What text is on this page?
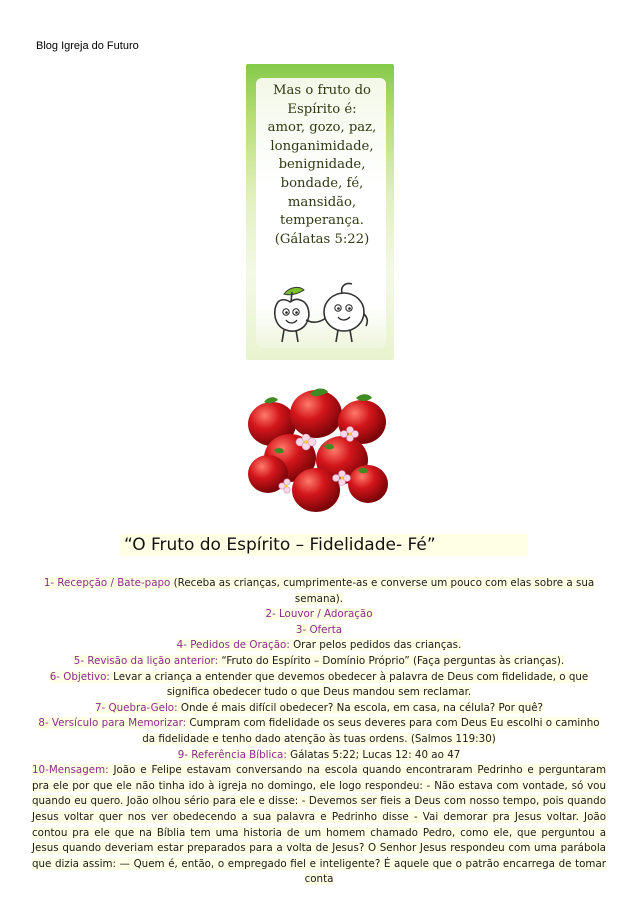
Blog Igreja do Futuro
Mas o fruto do
Espírito é:
amor, gozo, paz,
longanimidade,
benignidade,
bondade, fé,
mansidão,
temperança.
(Gálatas 5:22)
“O Fruto do Espírito – Fidelidade- Fé”

1- Recepção / Bate-papo (Receba as crianças, cumprimente-as e converse um pouco com elas sobre a sua semana).

2- Louvor / Adoração

3- Oferta

4- Pedidos de Oração: Orar pelos pedidos das crianças.

5- Revisão da lição anterior: “Fruto do Espírito – Domínio Próprio” (Faça perguntas às crianças).

6- Objetivo: Levar a criança a entender que devemos obedecer à palavra de Deus com fidelidade, o que significa obedecer tudo o que Deus mandou sem reclamar.

7- Quebra-Gelo: Onde é mais difícil obedecer? Na escola, em casa, na célula? Por quê?

8- Versículo para Memorizar: Cumpram com fidelidade os seus deveres para com Deus Eu escolhi o caminho da fidelidade e tenho dado atenção às tuas ordens. (Salmos 119:30)

9- Referência Bíblica: Gálatas 5:22; Lucas 12: 40 ao 47

10-Mensagem: João e Felipe estavam conversando na escola quando encontraram Pedrinho e perguntaram pra ele por que ele não tinha ido à igreja no domingo, ele logo respondeu: - Não estava com vontade, só vou quando eu quero. João olhou sério para ele e disse: - Devemos ser fieis a Deus com nosso tempo, pois quando Jesus voltar quer nos ver obedecendo a sua palavra e Pedrinho disse - Vai demorar pra Jesus voltar. João contou pra ele que na Bíblia tem uma historia de um homem chamado Pedro, como ele, que perguntou a Jesus quando deveriam estar preparados para a volta de Jesus? O Senhor Jesus respondeu com uma parábola que dizia assim: — Quem é, então, o empregado fiel e inteligente? É aquele que o patrão encarrega de tomar conta
